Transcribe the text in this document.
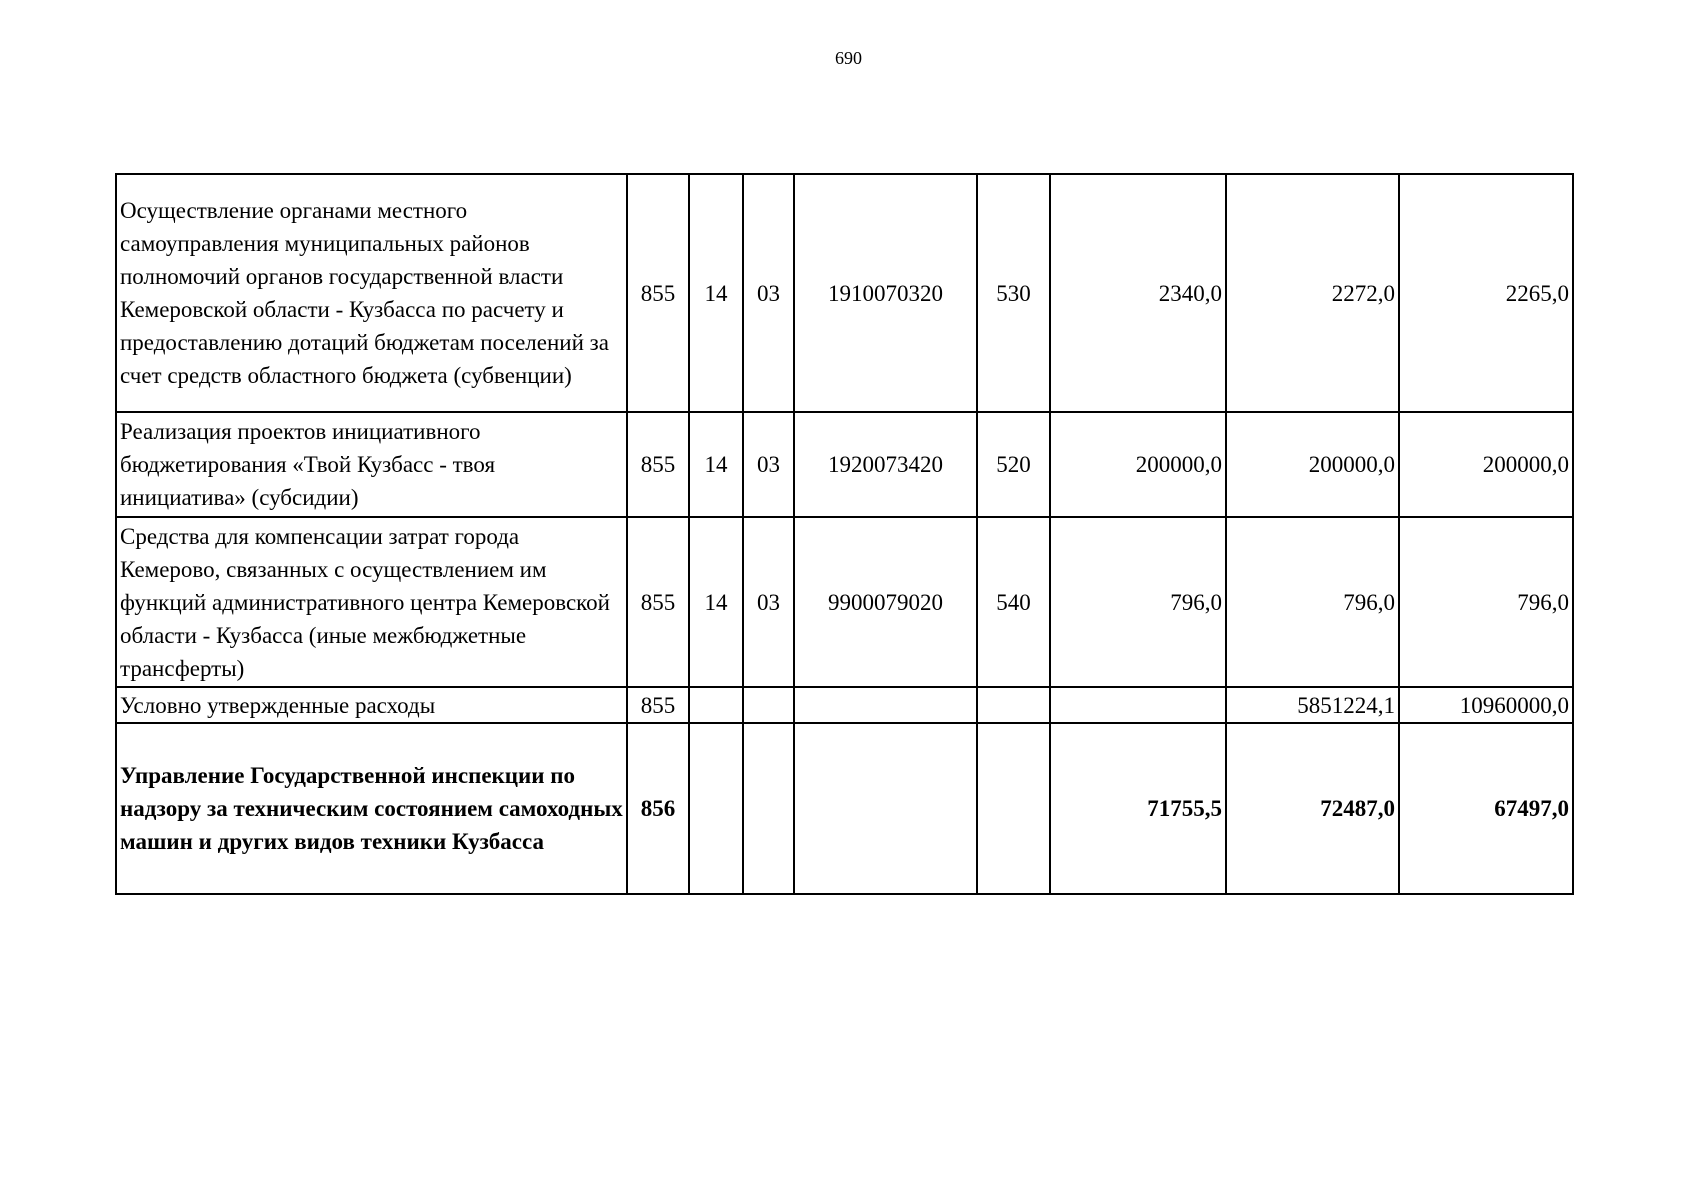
690
Осуществление органами местного самоуправления муниципальных районов полномочий органов государственной власти Кемеровской области - Кузбасса по расчету и предоставлению дотаций бюджетам поселений за счет средств областного бюджета (субвенции)	855	14	03	1910070320	530	2340,0	2272,0	2265,0
Реализация проектов инициативного бюджетирования «Твой Кузбасс - твоя инициатива» (субсидии)	855	14	03	1920073420	520	200000,0	200000,0	200000,0
Средства для компенсации затрат города Кемерово, связанных с осуществлением им функций административного центра Кемеровской области - Кузбасса (иные межбюджетные трансферты)	855	14	03	9900079020	540	796,0	796,0	796,0
Условно утвержденные расходы	855						5851224,1	10960000,0
Управление Государственной инспекции по надзору за техническим состоянием самоходных машин и других видов техники Кузбасса	856					71755,5	72487,0	67497,0
